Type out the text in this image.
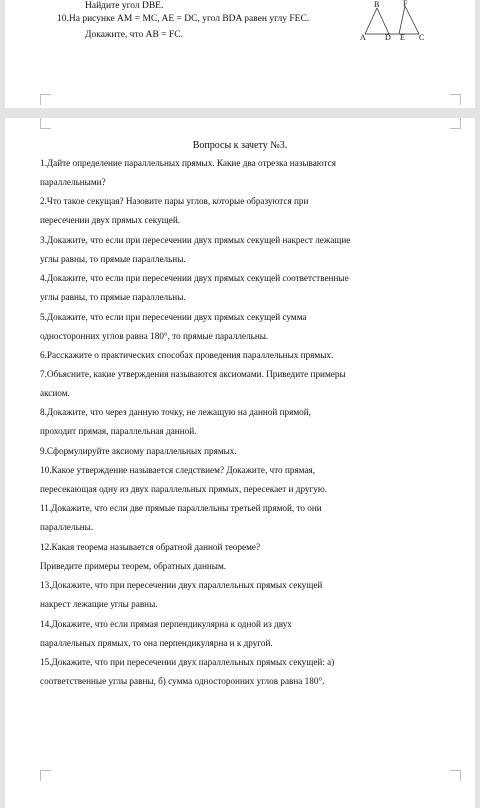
Найдите угол DBE.
10.На рисунке AM = MC, AE = DC, угол BDA равен углу FEC.
Докажите, что AB = FC.
B	F
A D E C
Вопросы к зачету №3.
1.Дайте определение параллельных прямых. Какие два отрезка называются
параллельными?
2.Что такое секущая? Назовите пары углов, которые образуются при
пересечении двух прямых секущей.
3.Докажите, что если при пересечении двух прямых секущей накрест лежащие
углы равны, то прямые параллельны.
4.Докажите, что если при пересечении двух прямых секущей соответственные
углы равны, то прямые параллельны.
5.Докажите, что если при пересечении двух прямых секущей сумма
односторонних углов равна 180°, то прямые параллельны.
6.Расскажите о практических способах проведения параллельных прямых.
7.Объясните, какие утверждения называются аксиомами. Приведите примеры
аксиом.
8.Докажите, что через данную точку, не лежащую на данной прямой,
проходит прямая, параллельная данной.
9.Сформулируйте аксиому параллельных прямых.
10.Какое утверждение называется следствием? Докажите, что прямая,
пересекающая одну из двух параллельных прямых, пересекает и другую.
11.Докажите, что если две прямые параллельны третьей прямой, то они
параллельны.
12.Какая теорема называется обратной данной теореме?
Приведите примеры теорем, обратных данным.
13.Докажите, что при пересечении двух параллельных прямых секущей
накрест лежащие углы равны.
14.Докажите, что если прямая перпендикулярна к одной из двух
параллельных прямых, то она перпендикулярна и к другой.
15.Докажите, что при пересечении двух параллельных прямых секущей: а)
соответственные углы равны, б) сумма односторонних углов равна 180°.
